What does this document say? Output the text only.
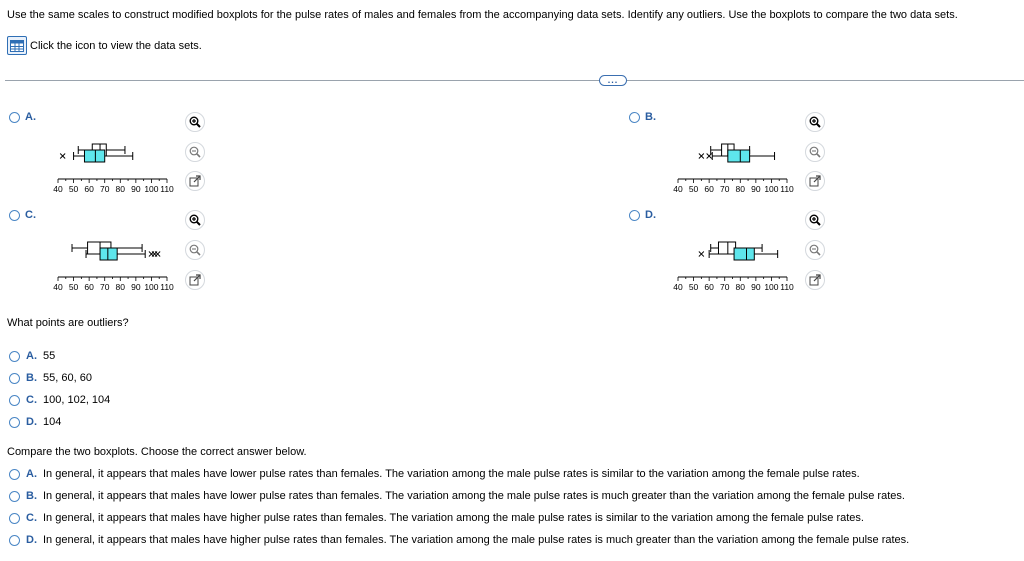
Use the same scales to construct modified boxplots for the pulse rates of males and females from the accompanying data sets. Identify any outliers. Use the boxplots to compare the two data sets.
Click the icon to view the data sets.
...
A.	B.
C.	D.
40 50 60 70 80 90 100 110	40 50 60 70 80 90 100 110
40 50 60 70 80 90 100 110	40 50 60 70 80 90 100 110
What points are outliers?
A. 55
B. 55, 60, 60
C. 100, 102, 104
D. 104
Compare the two boxplots. Choose the correct answer below.
A. In general, it appears that males have lower pulse rates than females. The variation among the male pulse rates is similar to the variation among the female pulse rates.
B. In general, it appears that males have lower pulse rates than females. The variation among the male pulse rates is much greater than the variation among the female pulse rates.
C. In general, it appears that males have higher pulse rates than females. The variation among the male pulse rates is similar to the variation among the female pulse rates.
D. In general, it appears that males have higher pulse rates than females. The variation among the male pulse rates is much greater than the variation among the female pulse rates.
